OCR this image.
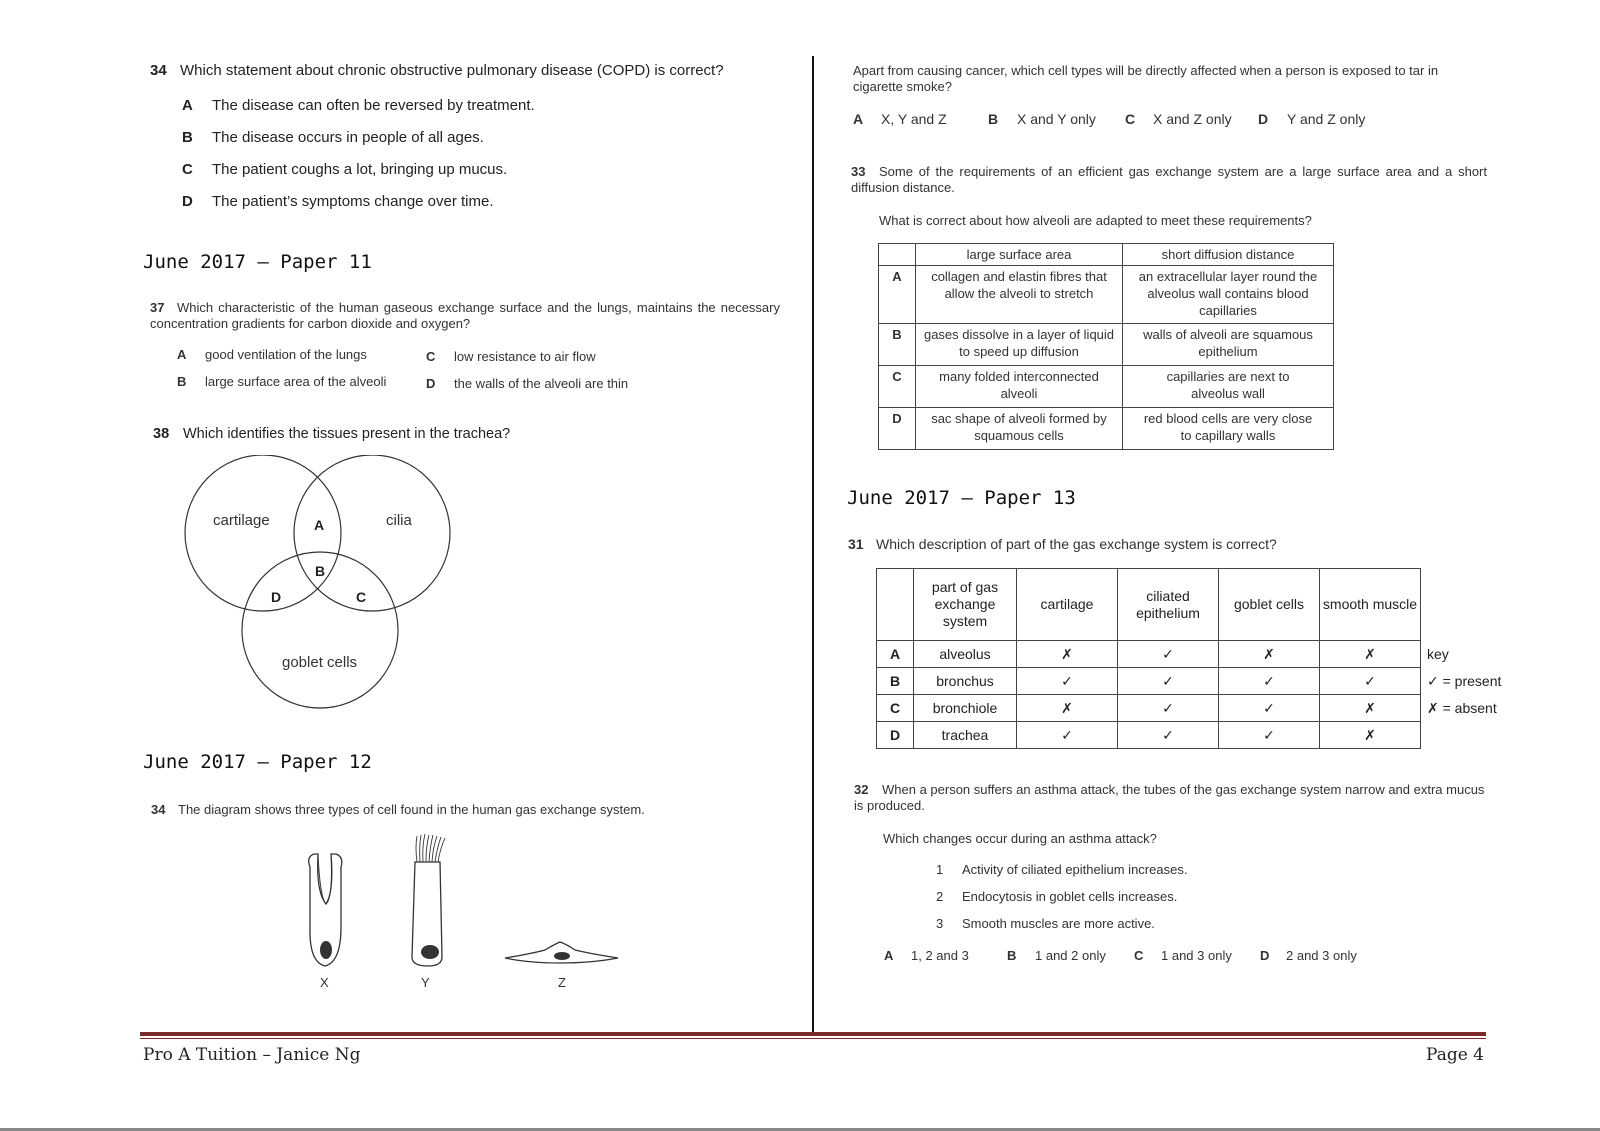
34 Which statement about chronic obstructive pulmonary disease (COPD) is correct?
A The disease can often be reversed by treatment.
B The disease occurs in people of all ages.
C The patient coughs a lot, bringing up mucus.
D The patient’s symptoms change over time.
June 2017 – Paper 11
37 Which characteristic of the human gaseous exchange surface and the lungs, maintains the necessary concentration gradients for carbon dioxide and oxygen?
A good ventilation of the lungs
B large surface area of the alveoli
C low resistance to air flow
D the walls of the alveoli are thin
38 Which identifies the tissues present in the trachea?
cartilage	cilia
goblet cells
A
B
C
D
June 2017 – Paper 12
34 The diagram shows three types of cell found in the human gas exchange system.
X	Y	Z
Apart from causing cancer, which cell types will be directly affected when a person is exposed to tar in cigarette smoke?
A X, Y and Z	B X and Y only C X and Z only D Y and Z only
33 Some of the requirements of an efficient gas exchange system are a large surface area and a short diffusion distance.
What is correct about how alveoli are adapted to meet these requirements?
	large surface area	short diffusion distance
A	collagen and elastin fibres that allow the alveoli to stretch	an extracellular layer round the alveolus wall contains blood capillaries
B	gases dissolve in a layer of liquid to speed up diffusion	walls of alveoli are squamous epithelium
C	many folded interconnected alveoli	capillaries are next to alveolus wall
D	sac shape of alveoli formed by squamous cells	red blood cells are very close to capillary walls
June 2017 – Paper 13
31 Which description of part of the gas exchange system is correct?
	part of gas exchange system	cartilage	ciliated epithelium	goblet cells	smooth muscle	
A	alveolus	✗	✓	✗	✗	key
B	bronchus	✓	✓	✓	✓	✓ = present
C	bronchiole	✗	✓	✓	✗	✗ = absent
D	trachea	✓	✓	✓	✗	
32 When a person suffers an asthma attack, the tubes of the gas exchange system narrow and extra mucus is produced.
Which changes occur during an asthma attack?
1 Activity of ciliated epithelium increases.
2 Endocytosis in goblet cells increases.
3 Smooth muscles are more active.
A 1, 2 and 3	B 1 and 2 only C 1 and 3 only D 2 and 3 only
Pro A Tuition – Janice Ng	Page 4
